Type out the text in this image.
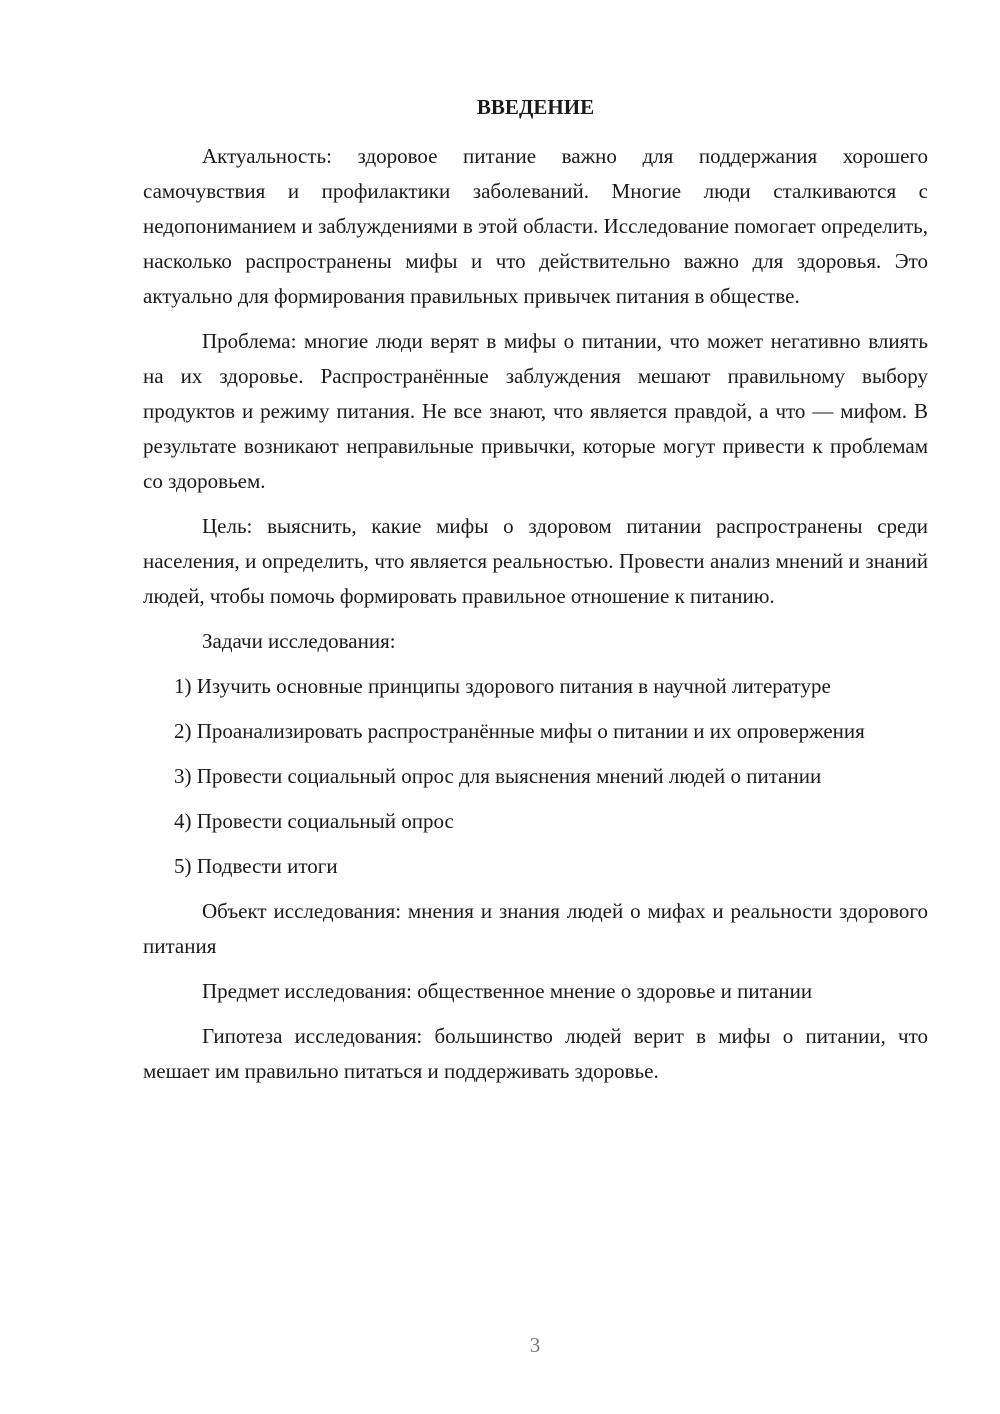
ВВЕДЕНИЕ

Актуальность: здоровое питание важно для поддержания хорошего самочувствия и профилактики заболеваний. Многие люди сталкиваются с недопониманием и заблуждениями в этой области. Исследование помогает определить, насколько распространены мифы и что действительно важно для здоровья. Это актуально для формирования правильных привычек питания в обществе.

Проблема: многие люди верят в мифы о питании, что может негативно влиять на их здоровье. Распространённые заблуждения мешают правильному выбору продуктов и режиму питания. Не все знают, что является правдой, а что — мифом. В результате возникают неправильные привычки, которые могут привести к проблемам со здоровьем.

Цель: выяснить, какие мифы о здоровом питании распространены среди населения, и определить, что является реальностью. Провести анализ мнений и знаний людей, чтобы помочь формировать правильное отношение к питанию.

Задачи исследования:

1) Изучить основные принципы здорового питания в научной литературе

2) Проанализировать распространённые мифы о питании и их опровержения

3) Провести социальный опрос для выяснения мнений людей о питании

4) Провести социальный опрос

5) Подвести итоги

Объект исследования: мнения и знания людей о мифах и реальности здорового питания

Предмет исследования: общественное мнение о здоровье и питании

Гипотеза исследования: большинство людей верит в мифы о питании, что мешает им правильно питаться и поддерживать здоровье.

3
